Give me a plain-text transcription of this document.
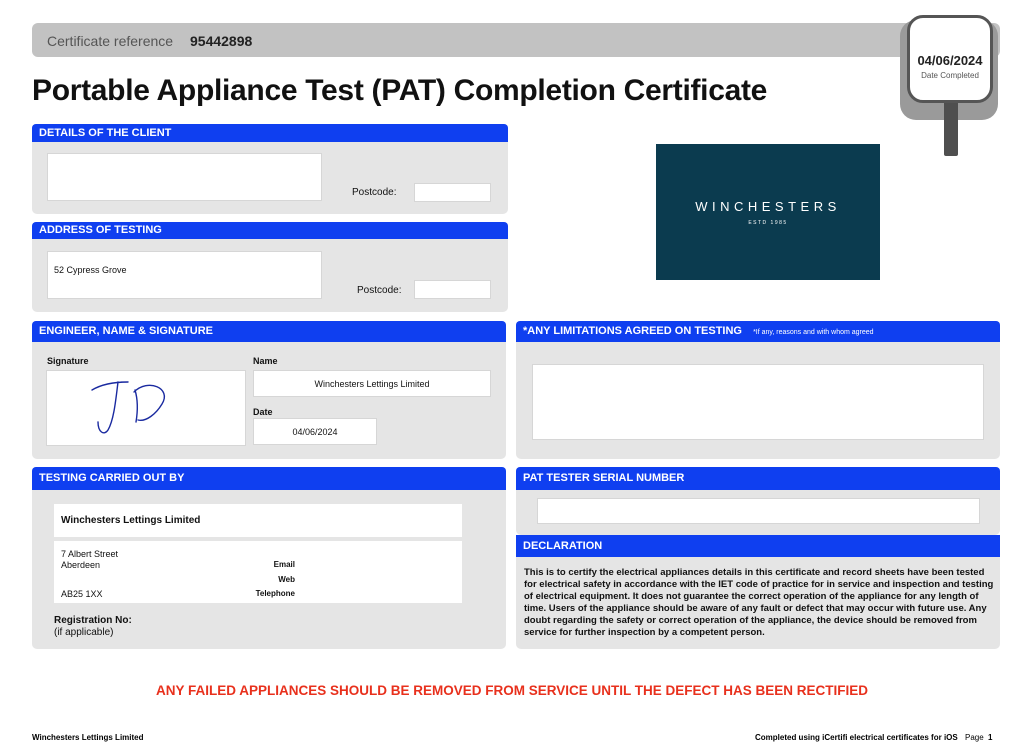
Certificate reference 95442898
04/06/2024
Date Completed
Portable Appliance Test (PAT) Completion Certificate
DETAILS OF THE CLIENT
Postcode:
ADDRESS OF TESTING
52 Cypress Grove
Postcode:
WINCHESTERS
ESTD 1985
ENGINEER, NAME & SIGNATURE
Signature	Name
Winchesters Lettings Limited
Date
04/06/2024
*ANY LIMITATIONS AGREED ON TESTING *If any, reasons and with whom agreed
TESTING CARRIED OUT BY
Winchesters Lettings Limited
7 Albert Street
Aberdeen
AB25 1XX
Email
Web
Telephone
Registration No:
(if applicable)
PAT TESTER SERIAL NUMBER
DECLARATION
This is to certify the electrical appliances details in this certificate and record sheets have been tested for electrical safety in accordance with the IET code of practice for in service and inspection and testing of electrical equipment. It does not guarantee the correct operation of the appliance for any length of time. Users of the appliance should be aware of any fault or defect that may occur with future use. Any doubt regarding the safety or correct operation of the appliance, the device should be removed from service for further inspection by a competent person.
ANY FAILED APPLIANCES SHOULD BE REMOVED FROM SERVICE UNTIL THE DEFECT HAS BEEN RECTIFIED
Winchesters Lettings Limited	Completed using iCertifi electrical certificates for iOS Page 1
